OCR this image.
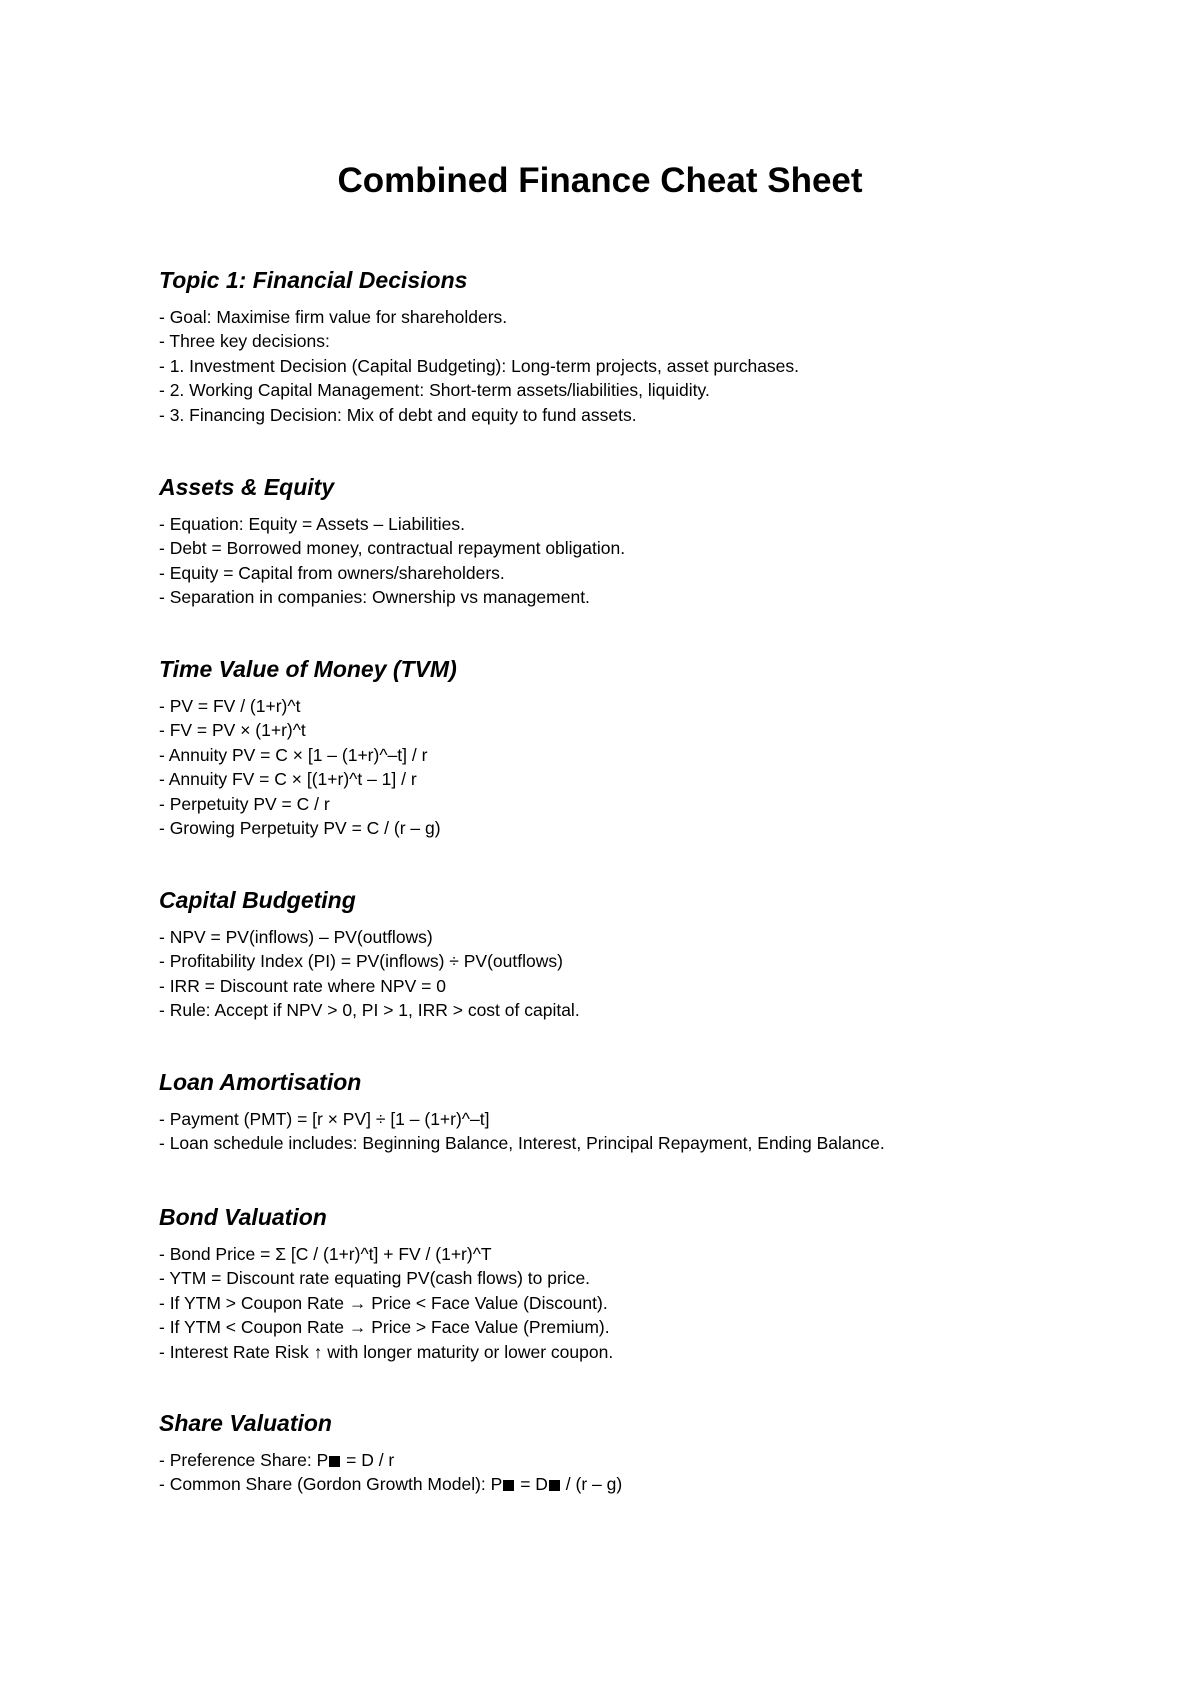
Combined Finance Cheat Sheet
Topic 1: Financial Decisions
- Goal: Maximise firm value for shareholders.
- Three key decisions:
- 1. Investment Decision (Capital Budgeting): Long-term projects, asset purchases.
- 2. Working Capital Management: Short-term assets/liabilities, liquidity.
- 3. Financing Decision: Mix of debt and equity to fund assets.
Assets & Equity
- Equation: Equity = Assets – Liabilities.
- Debt = Borrowed money, contractual repayment obligation.
- Equity = Capital from owners/shareholders.
- Separation in companies: Ownership vs management.
Time Value of Money (TVM)
- PV = FV / (1+r)^t
- FV = PV × (1+r)^t
- Annuity PV = C × [1 – (1+r)^–t] / r
- Annuity FV = C × [(1+r)^t – 1] / r
- Perpetuity PV = C / r
- Growing Perpetuity PV = C / (r – g)
Capital Budgeting
- NPV = PV(inflows) – PV(outflows)
- Profitability Index (PI) = PV(inflows) ÷ PV(outflows)
- IRR = Discount rate where NPV = 0
- Rule: Accept if NPV > 0, PI > 1, IRR > cost of capital.
Loan Amortisation
- Payment (PMT) = [r × PV] ÷ [1 – (1+r)^–t]
- Loan schedule includes: Beginning Balance, Interest, Principal Repayment, Ending Balance.
Bond Valuation
- Bond Price = Σ [C / (1+r)^t] + FV / (1+r)^T
- YTM = Discount rate equating PV(cash flows) to price.
- If YTM > Coupon Rate → Price < Face Value (Discount).
- If YTM < Coupon Rate → Price > Face Value (Premium).
- Interest Rate Risk ↑ with longer maturity or lower coupon.
Share Valuation
- Preference Share: P = D / r
- Common Share (Gordon Growth Model): P = D / (r – g)
